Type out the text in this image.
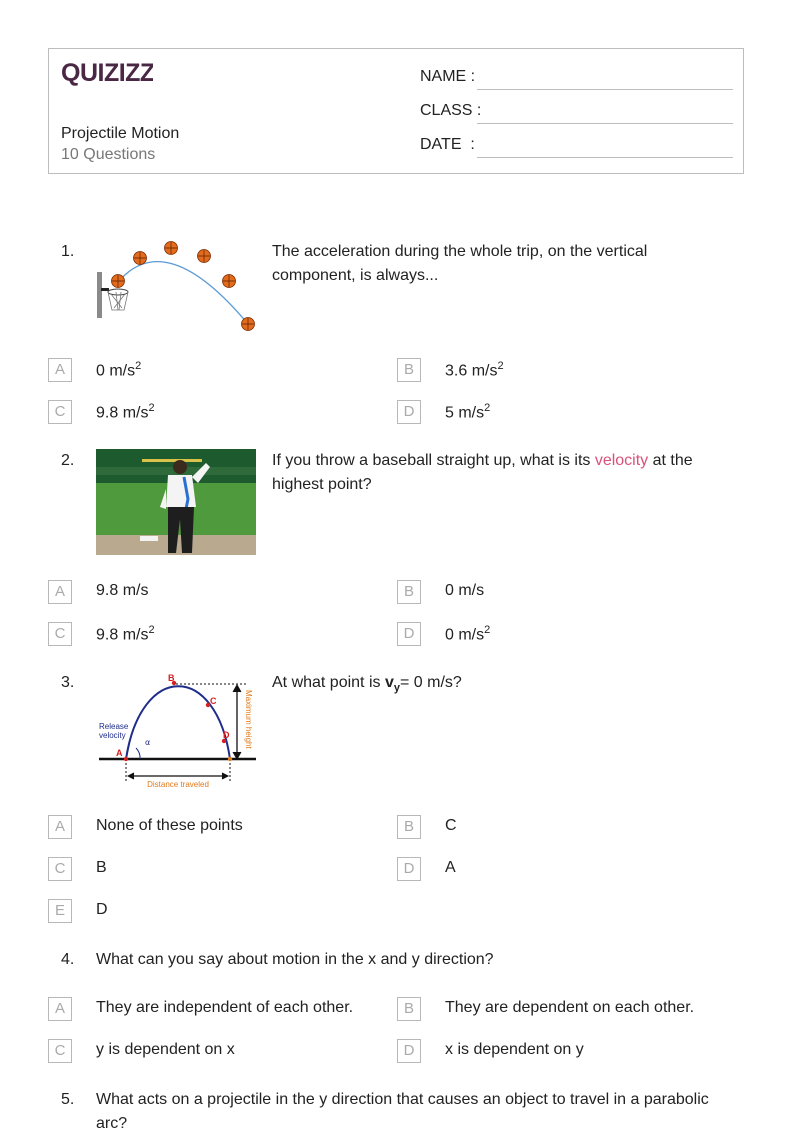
QUIZIZZ
Projectile Motion
10 Questions
NAME :
CLASS :
DATE  :
1.	The acceleration during the whole trip, on the vertical component, is always...
A	0 $m/s^2$	B	3.6 $m/s^2$
C	9.8 $m/s^2$	D	5 $m/s^2$
2.	If you throw a baseball straight up, what is its velocity at the highest point?
A	9.8 m/s	B	0 m/s
C	9.8 $m/s^2$	D	0 $m/s^2$
3.
Maximum height
Distance traveled
Release
velocity
α
A
B
C
D
At what point is $v_y= 0$ m/s?
A	None of these points	B	C
C	B	D	A
E	D
4. What can you say about motion in the x and y direction?
A	They are independent of each other.	B	They are dependent on each other.
C	y is dependent on x	D	x is dependent on y
5. What acts on a projectile in the y direction that causes an object to travel in a parabolic arc?
